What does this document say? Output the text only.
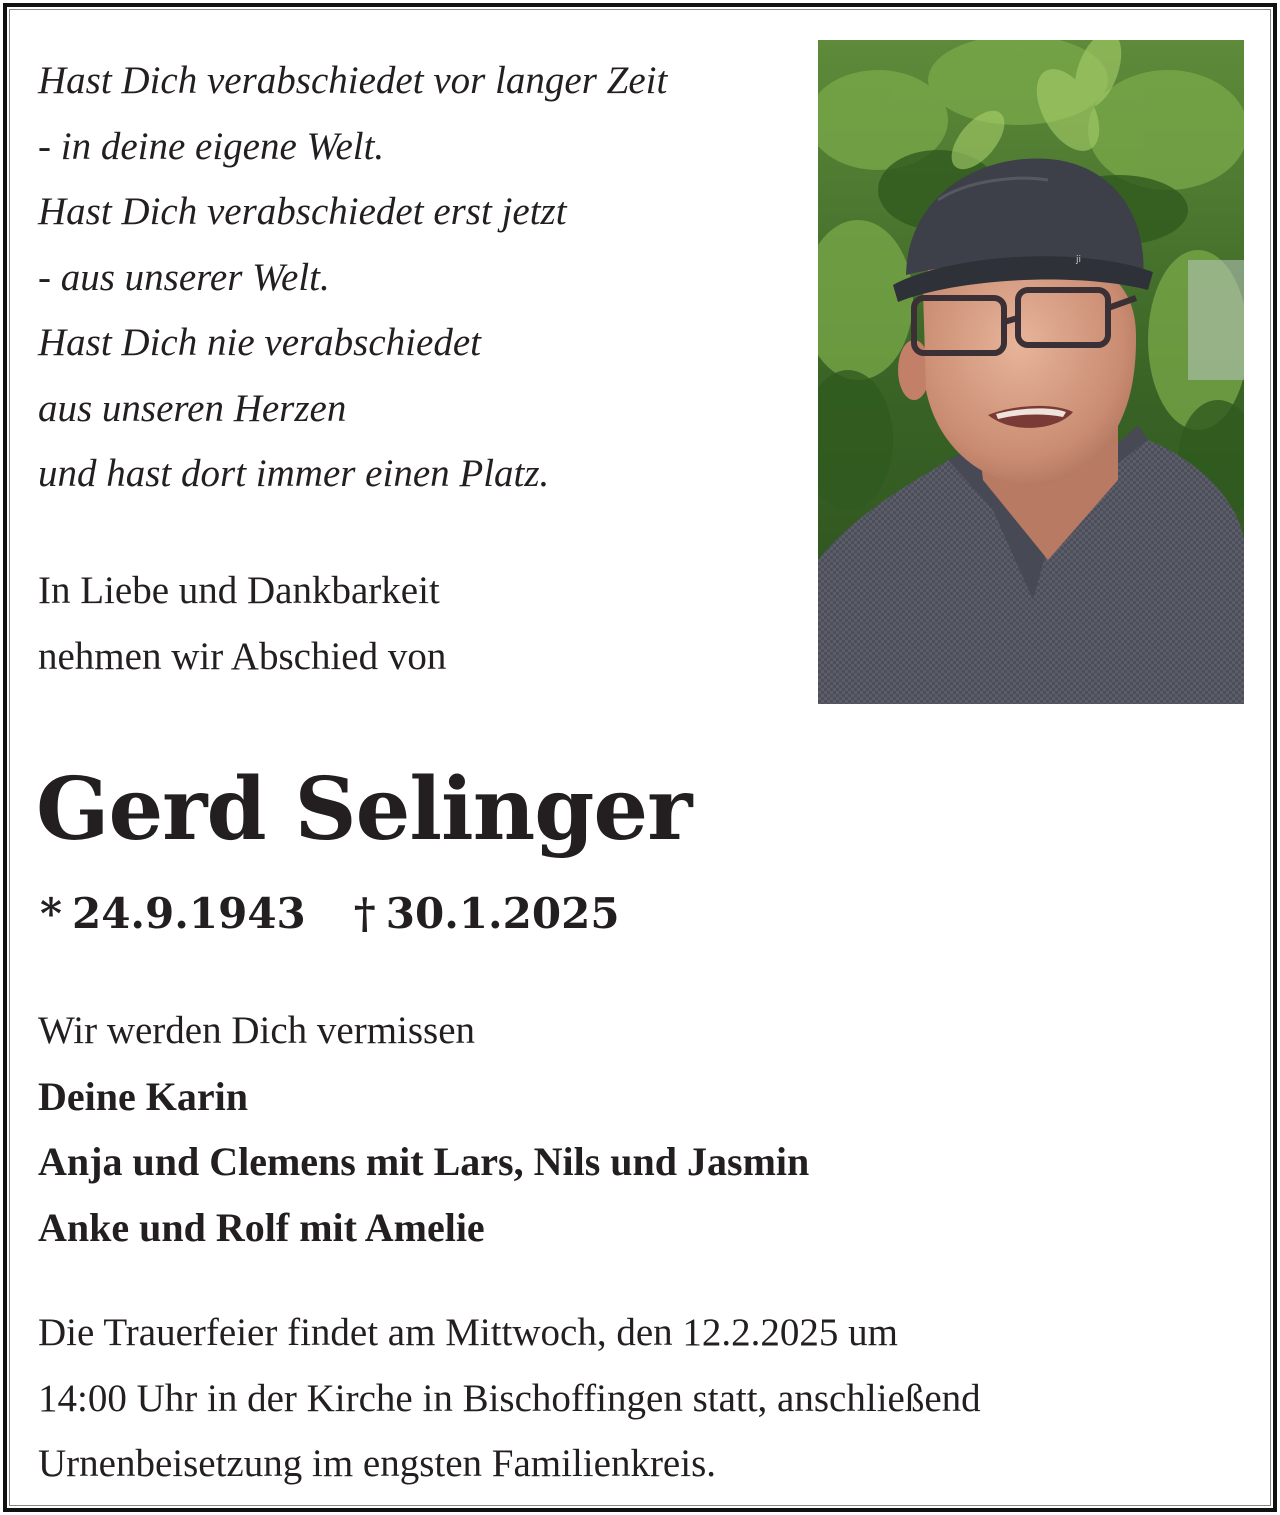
Hast Dich verabschiedet vor langer Zeit
- in deine eigene Welt.
Hast Dich verabschiedet erst jetzt
- aus unserer Welt.
Hast Dich nie verabschiedet
aus unseren Herzen
und hast dort immer einen Platz.
In Liebe und Dankbarkeit
nehmen wir Abschied von
ji
Gerd Selinger
* 24.9.1943 † 30.1.2025
Wir werden Dich vermissen
Deine Karin
Anja und Clemens mit Lars, Nils und Jasmin
Anke und Rolf mit Amelie
Die Trauerfeier findet am Mittwoch, den 12.2.2025 um
14:00 Uhr in der Kirche in Bischoffingen statt, anschließend
Urnenbeisetzung im engsten Familienkreis.
